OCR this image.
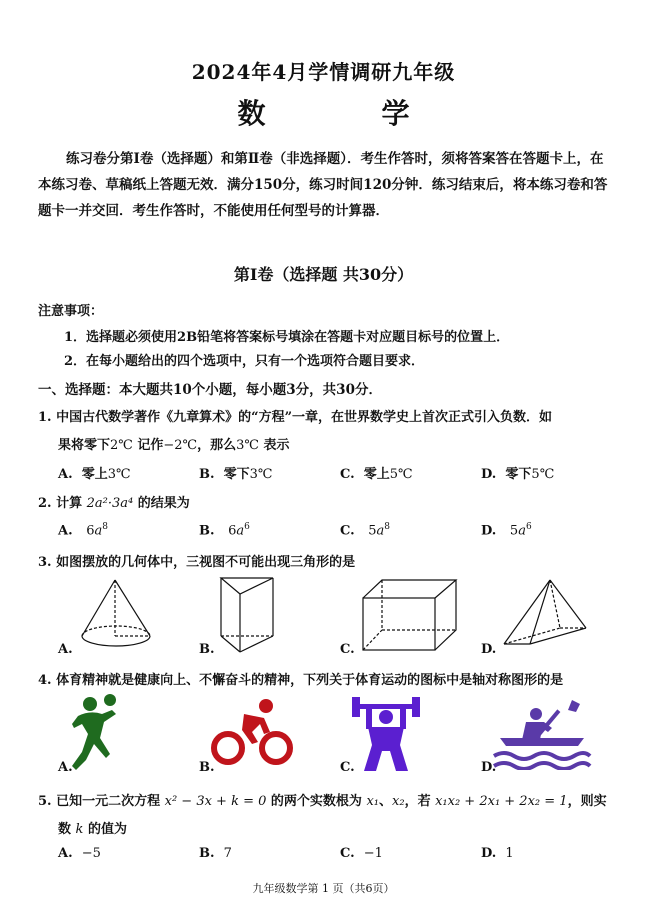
2024年4月学情调研九年级
数　学
练习卷分第Ⅰ卷（选择题）和第Ⅱ卷（非选择题）．考生作答时，须将答案答在答题卡上，在本练习卷、草稿纸上答题无效．满分150分，练习时间120分钟．练习结束后，将本练习卷和答题卡一并交回．考生作答时，不能使用任何型号的计算器．
第Ⅰ卷（选择题 共30分）
注意事项：
1．选择题必须使用2B铅笔将答案标号填涂在答题卡对应题目标号的位置上．
2．在每小题给出的四个选项中，只有一个选项符合题目要求．
一、选择题：本大题共10个小题，每小题3分，共30分．
1. 中国古代数学著作《九章算术》的“方程”一章，在世界数学史上首次正式引入负数．如
果将零下2℃ 记作−2℃，那么3℃ 表示
A. 零上3℃	B. 零下3℃	C. 零上5℃	D. 零下5℃
2. 计算 2a²·3a⁴ 的结果为
A. $6a^8$	B. $6a^6$	C. $5a^8$	D. $5a^6$
3. 如图摆放的几何体中，三视图不可能出现三角形的是
A.	B.	C.	D.
4. 体育精神就是健康向上、不懈奋斗的精神，下列关于体育运动的图标中是轴对称图形的是
A.	B.	C.	D.
5. 已知一元二次方程 x² − 3x + k = 0 的两个实数根为 x₁、x₂，若 x₁x₂ + 2x₁ + 2x₂ = 1，则实
数 k 的值为
A. −5	B. 7	C. −1	D. 1
九年级数学第 1 页（共6页）
